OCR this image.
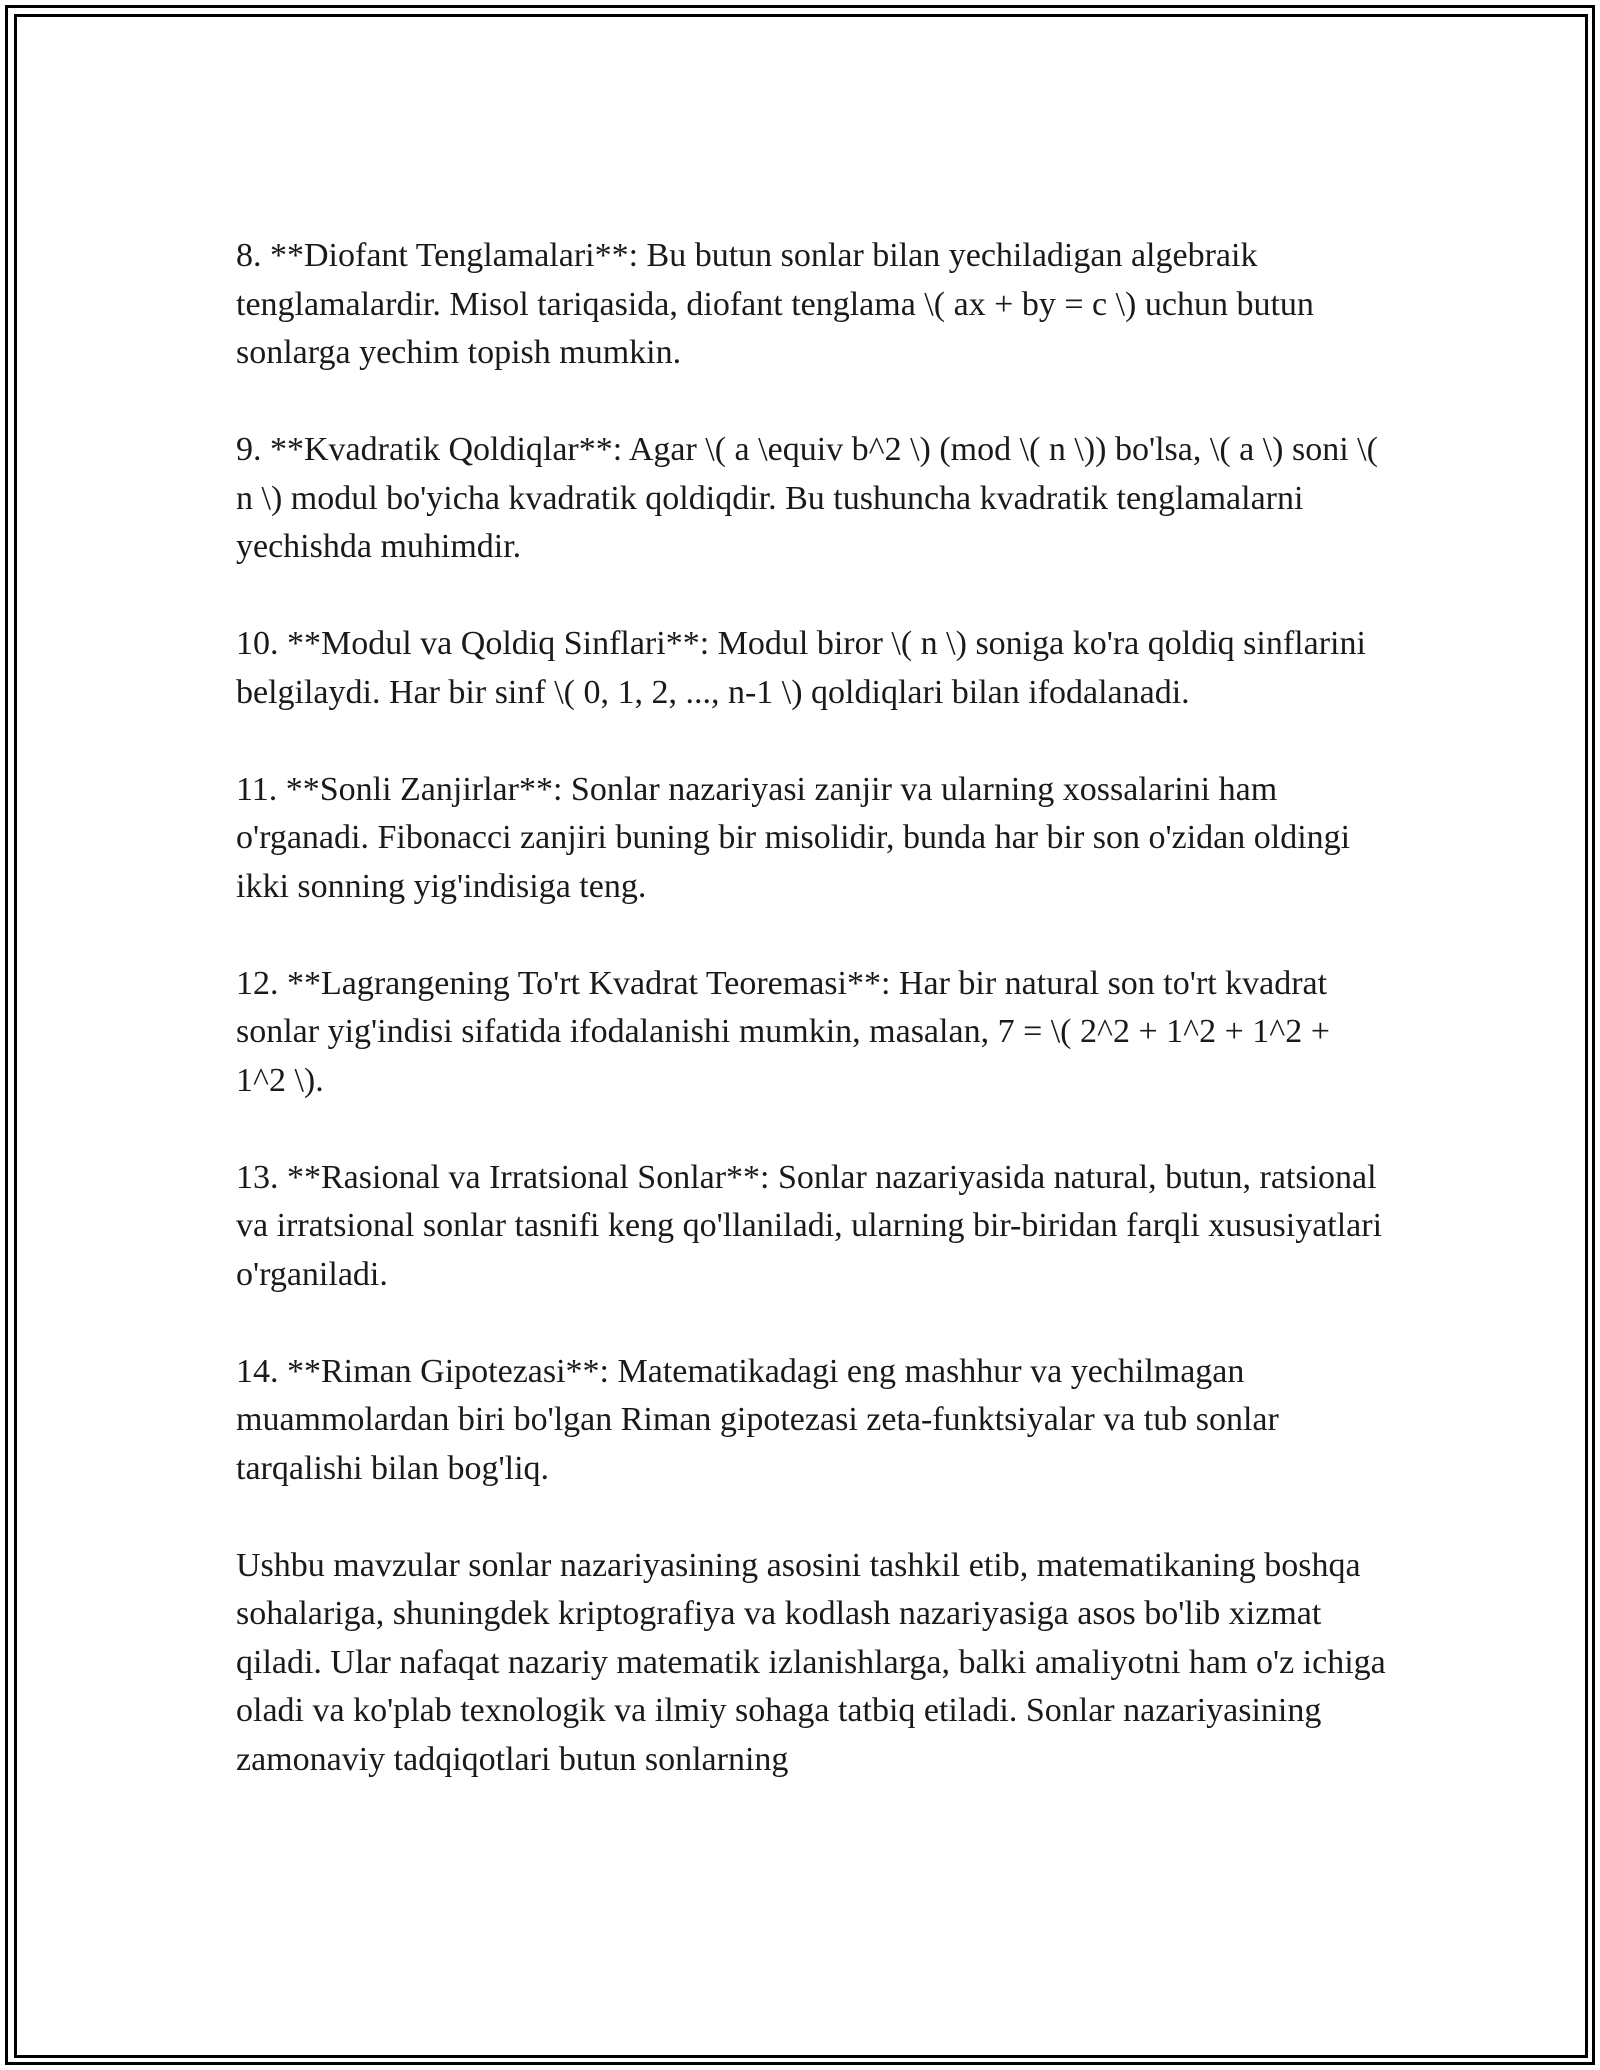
8. **Diofant Tenglamalari**: Bu butun sonlar bilan yechiladigan algebraik tenglamalardir. Misol tariqasida, diofant tenglama \( ax + by = c \) uchun butun sonlarga yechim topish mumkin.

9. **Kvadratik Qoldiqlar**: Agar \( a \equiv b^2 \) (mod \( n \)) bo'lsa, \( a \) soni \( n \) modul bo'yicha kvadratik qoldiqdir. Bu tushuncha kvadratik tenglamalarni yechishda muhimdir.

10. **Modul va Qoldiq Sinflari**: Modul biror \( n \) soniga ko'ra qoldiq sinflarini belgilaydi. Har bir sinf \( 0, 1, 2, ..., n-1 \) qoldiqlari bilan ifodalanadi.

11. **Sonli Zanjirlar**: Sonlar nazariyasi zanjir va ularning xossalarini ham o'rganadi. Fibonacci zanjiri buning bir misolidir, bunda har bir son o'zidan oldingi ikki sonning yig'indisiga teng.

12. **Lagrangening To'rt Kvadrat Teoremasi**: Har bir natural son to'rt kvadrat sonlar yig'indisi sifatida ifodalanishi mumkin, masalan, 7 = \( 2^2 + 1^2 + 1^2 + 1^2 \).

13. **Rasional va Irratsional Sonlar**: Sonlar nazariyasida natural, butun, ratsional va irratsional sonlar tasnifi keng qo'llaniladi, ularning bir-biridan farqli xususiyatlari o'rganiladi.

14. **Riman Gipotezasi**: Matematikadagi eng mashhur va yechilmagan muammolardan biri bo'lgan Riman gipotezasi zeta-funktsiyalar va tub sonlar tarqalishi bilan bog'liq.

Ushbu mavzular sonlar nazariyasining asosini tashkil etib, matematikaning boshqa sohalariga, shuningdek kriptografiya va kodlash nazariyasiga asos bo'lib xizmat qiladi. Ular nafaqat nazariy matematik izlanishlarga, balki amaliyotni ham o'z ichiga oladi va ko'plab texnologik va ilmiy sohaga tatbiq etiladi. Sonlar nazariyasining zamonaviy tadqiqotlari butun sonlarning
